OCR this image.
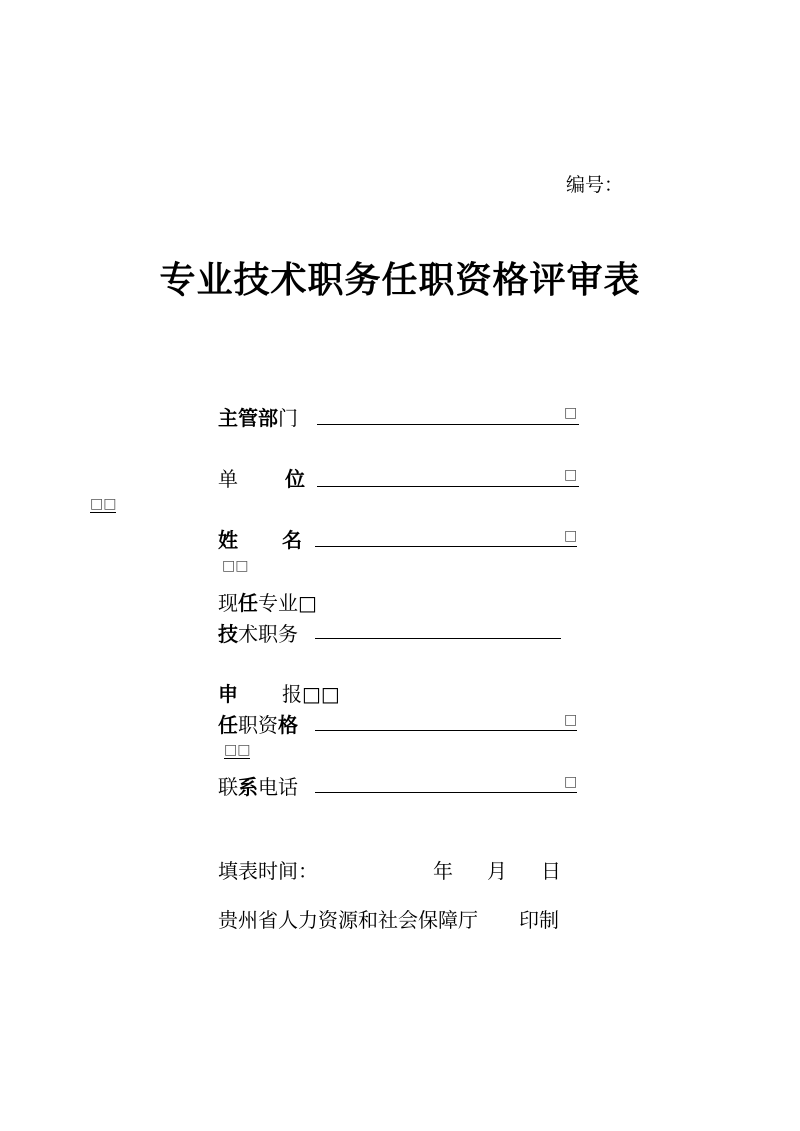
编号：
专业技术职务任职资格评审表
主管部门	□
单 位	□
□□
姓 名	□
□□
现任专业□
技术职务
申 报□□
任职资格	□
□□
联系电话	□
填表时间：	年 月 日
贵州省人力资源和社会保障厅 印制
